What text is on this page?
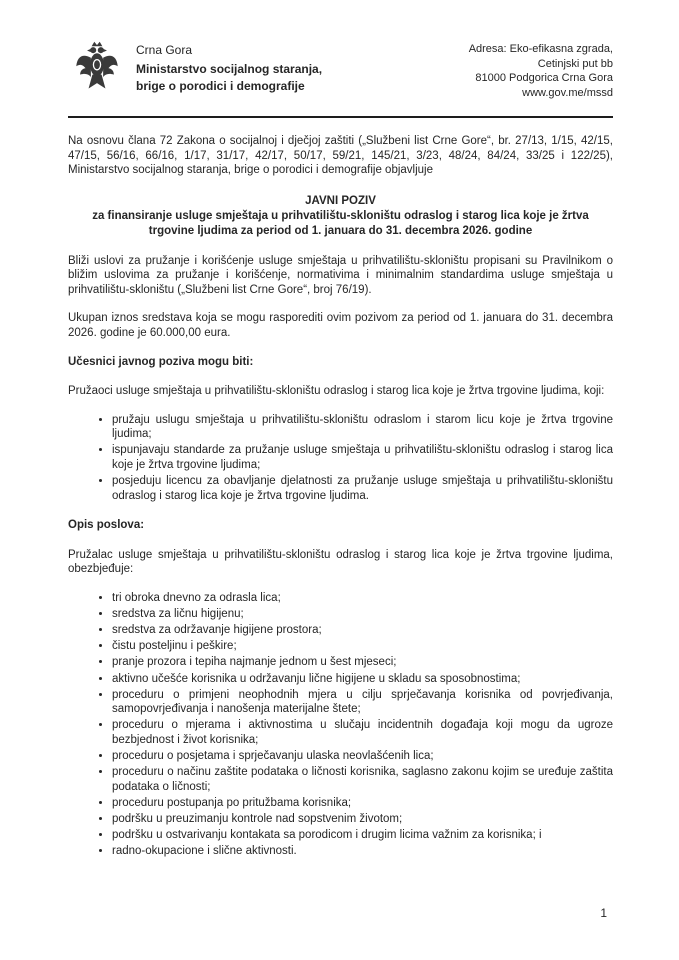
Crna Gora
Ministarstvo socijalnog staranja,
brige o porodici i demografije
Adresa: Eko-efikasna zgrada,
Cetinjski put bb
81000 Podgorica Crna Gora
www.gov.me/mssd

Na osnovu člana 72 Zakona o socijalnoj i dječjoj zaštiti („Službeni list Crne Gore“, br. 27/13, 1/15, 42/15, 47/15, 56/16, 66/16, 1/17, 31/17, 42/17, 50/17, 59/21, 145/21, 3/23, 48/24, 84/24, 33/25 i 122/25), Ministarstvo socijalnog staranja, brige o porodici i demografije objavljuje

JAVNI POZIV
za finansiranje usluge smještaja u prihvatilištu-skloništu odraslog i starog lica koje je žrtva trgovine ljudima za period od 1. januara do 31. decembra 2026. godine

Bliži uslovi za pružanje i korišćenje usluge smještaja u prihvatilištu-skloništu propisani su Pravilnikom o bližim uslovima za pružanje i korišćenje, normativima i minimalnim standardima usluge smještaja u prihvatilištu-skloništu („Službeni list Crne Gore“, broj 76/19).

Ukupan iznos sredstava koja se mogu rasporediti ovim pozivom za period od 1. januara do 31. decembra 2026. godine je 60.000,00 eura.

Učesnici javnog poziva mogu biti:

Pružaoci usluge smještaja u prihvatilištu-skloništu odraslog i starog lica koje je žrtva trgovine ljudima, koji:

• pružaju uslugu smještaja u prihvatilištu-skloništu odraslom i starom licu koje je žrtva trgovine ljudima;
• ispunjavaju standarde za pružanje usluge smještaja u prihvatilištu-skloništu odraslog i starog lica koje je žrtva trgovine ljudima;
• posjeduju licencu za obavljanje djelatnosti za pružanje usluge smještaja u prihvatilištu-skloništu odraslog i starog lica koje je žrtva trgovine ljudima.

Opis poslova:

Pružalac usluge smještaja u prihvatilištu-skloništu odraslog i starog lica koje je žrtva trgovine ljudima, obezbjeđuje:

• tri obroka dnevno za odrasla lica;
• sredstva za ličnu higijenu;
• sredstva za održavanje higijene prostora;
• čistu posteljinu i peškire;
• pranje prozora i tepiha najmanje jednom u šest mjeseci;
• aktivno učešće korisnika u održavanju lične higijene u skladu sa sposobnostima;
• proceduru o primjeni neophodnih mjera u cilju sprječavanja korisnika od povrjeđivanja, samopovrjeđivanja i nanošenja materijalne štete;
• proceduru o mjerama i aktivnostima u slučaju incidentnih događaja koji mogu da ugroze bezbjednost i život korisnika;
• proceduru o posjetama i sprječavanju ulaska neovlašćenih lica;
• proceduru o načinu zaštite podataka o ličnosti korisnika, saglasno zakonu kojim se uređuje zaštita podataka o ličnosti;
• proceduru postupanja po pritužbama korisnika;
• podršku u preuzimanju kontrole nad sopstvenim životom;
• podršku u ostvarivanju kontakata sa porodicom i drugim licima važnim za korisnika; i
• radno-okupacione i slične aktivnosti.
1
